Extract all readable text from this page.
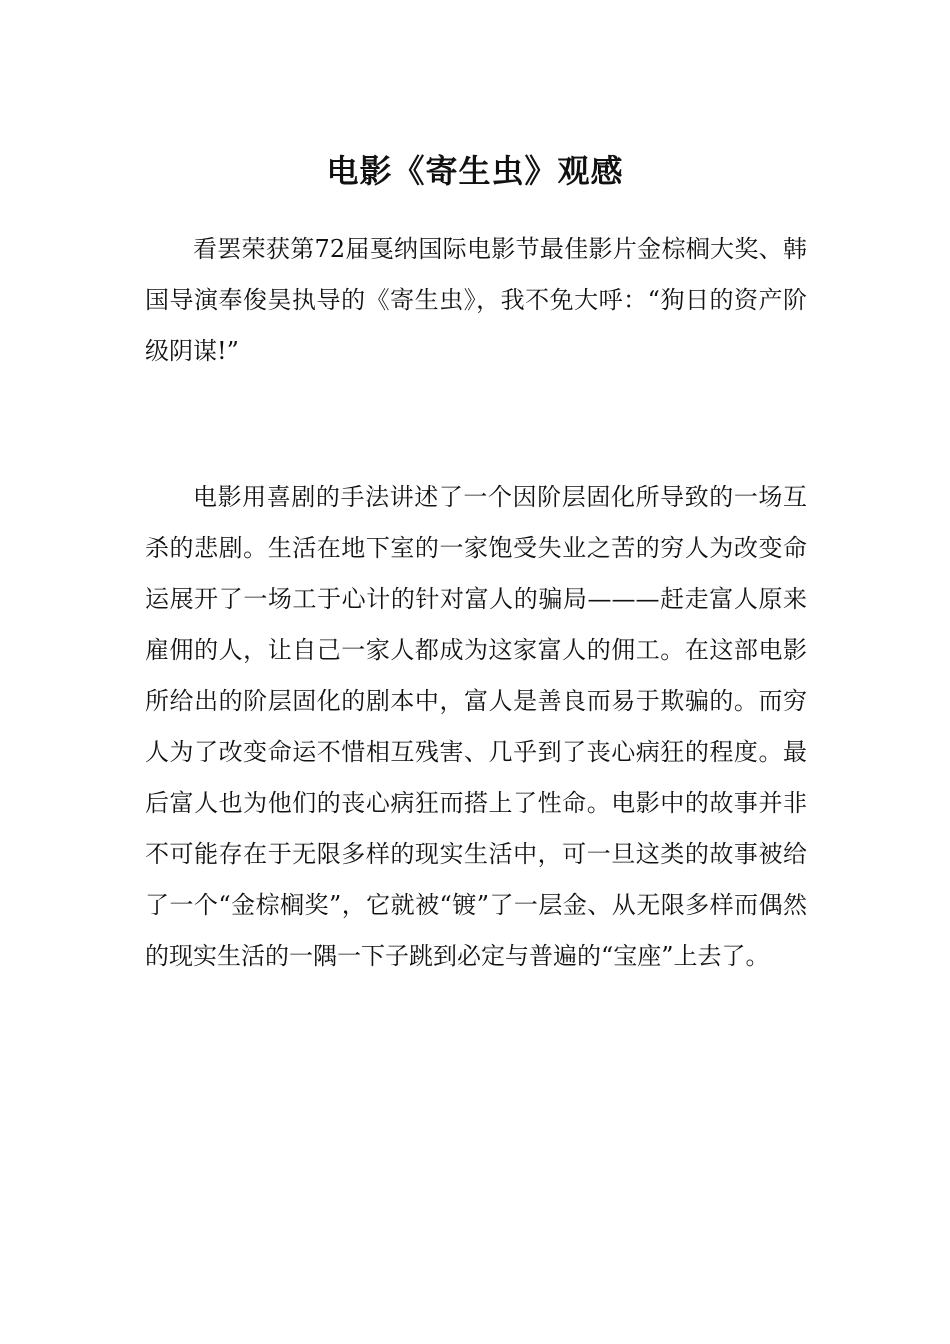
电影《寄生虫》观感

看罢荣获第72届戛纳国际电影节最佳影片金棕榈大奖、韩国导演奉俊昊执导的《寄生虫》，我不免大呼：“狗日的资产阶级阴谋!”

电影用喜剧的手法讲述了一个因阶层固化所导致的一场互杀的悲剧。生活在地下室的一家饱受失业之苦的穷人为改变命运展开了一场工于心计的针对富人的骗局———赶走富人原来雇佣的人，让自己一家人都成为这家富人的佣工。在这部电影所给出的阶层固化的剧本中，富人是善良而易于欺骗的。而穷人为了改变命运不惜相互残害、几乎到了丧心病狂的程度。最后富人也为他们的丧心病狂而搭上了性命。电影中的故事并非不可能存在于无限多样的现实生活中，可一旦这类的故事被给了一个“金棕榈奖”，它就被“镀”了一层金、从无限多样而偶然的现实生活的一隅一下子跳到必定与普遍的“宝座”上去了。
